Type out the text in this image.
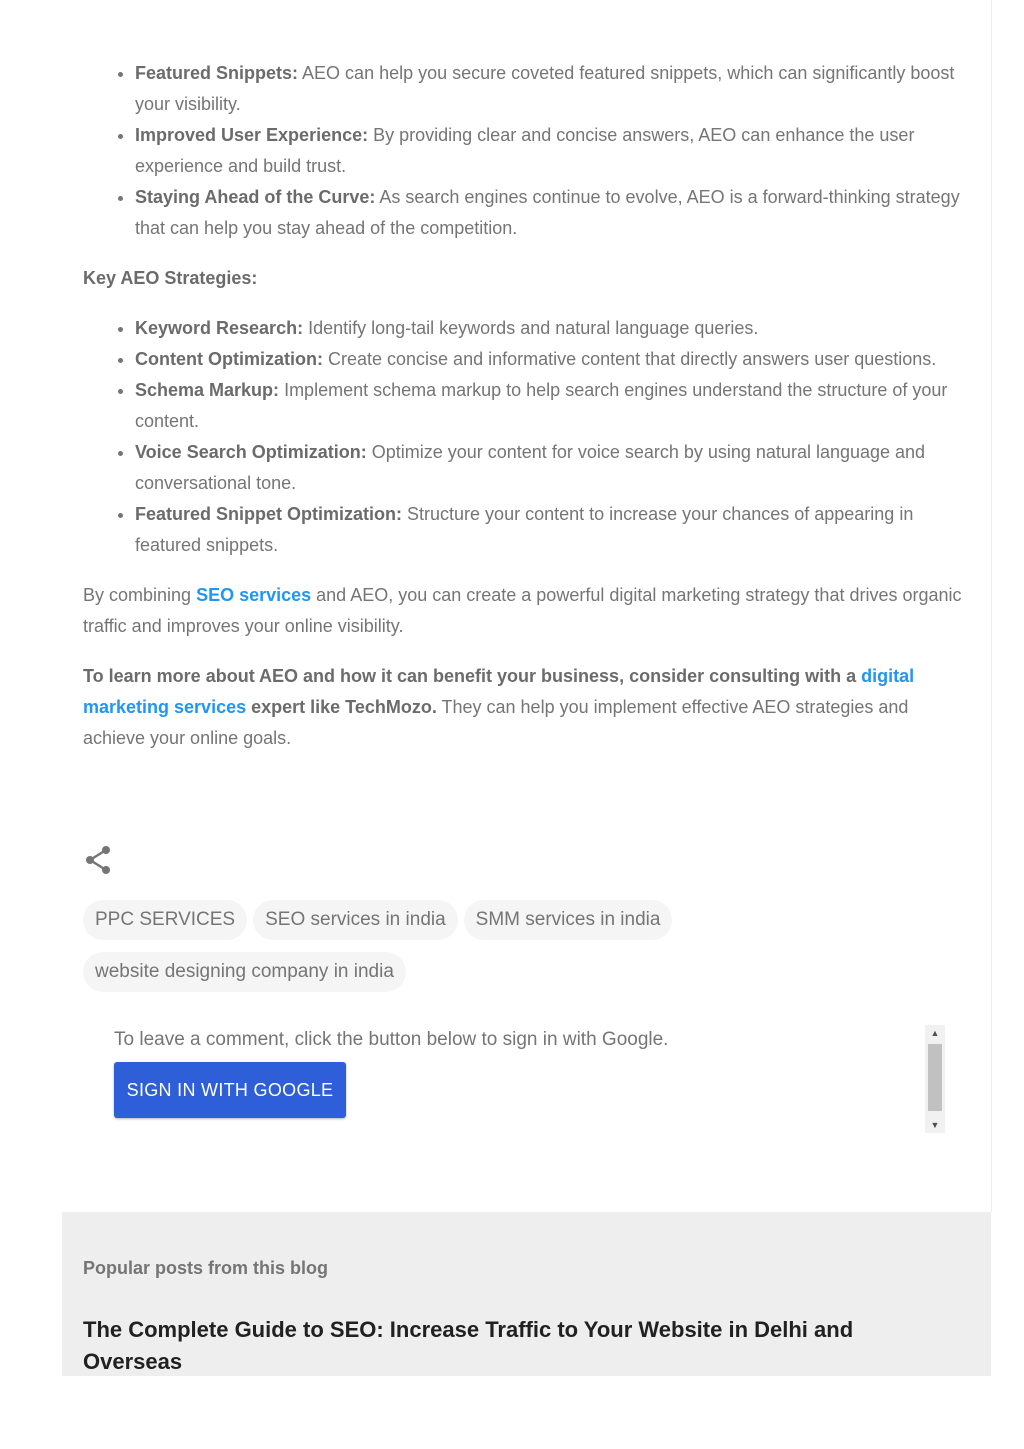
• Featured Snippets: AEO can help you secure coveted featured snippets, which can significantly boost your visibility.
• Improved User Experience: By providing clear and concise answers, AEO can enhance the user experience and build trust.
• Staying Ahead of the Curve: As search engines continue to evolve, AEO is a forward-thinking strategy that can help you stay ahead of the competition.

Key AEO Strategies:

• Keyword Research: Identify long-tail keywords and natural language queries.
• Content Optimization: Create concise and informative content that directly answers user questions.
• Schema Markup: Implement schema markup to help search engines understand the structure of your content.
• Voice Search Optimization: Optimize your content for voice search by using natural language and conversational tone.
• Featured Snippet Optimization: Structure your content to increase your chances of appearing in featured snippets.

By combining SEO services and AEO, you can create a powerful digital marketing strategy that drives organic traffic and improves your online visibility.

To learn more about AEO and how it can benefit your business, consider consulting with a digital marketing services expert like TechMozo. They can help you implement effective AEO strategies and achieve your online goals.

PPC SERVICES SEO services in india SMM services in india
website designing company in india
To leave a comment, click the button below to sign in with Google.
SIGN IN WITH GOOGLE
▲
▼
Popular posts from this blog
The Complete Guide to SEO: Increase Traffic to Your Website in Delhi and Overseas
